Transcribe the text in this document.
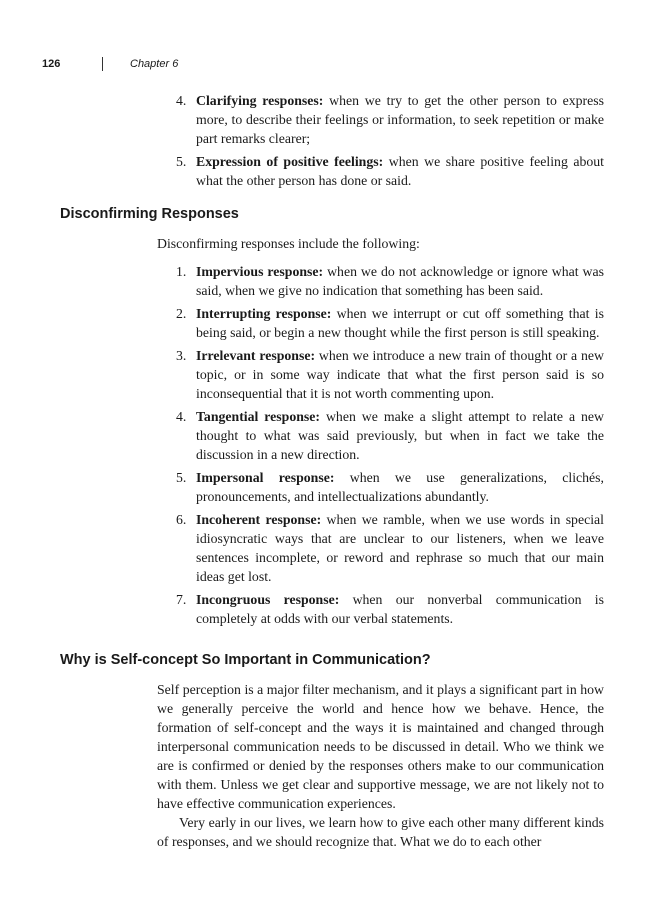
126	Chapter 6
4. Clarifying responses: when we try to get the other person to express more, to describe their feelings or information, to seek repetition or make part remarks clearer;
5. Expression of positive feelings: when we share positive feeling about what the other person has done or said.
Disconfirming Responses

Disconfirming responses include the following:

1. Impervious response: when we do not acknowledge or ignore what was said, when we give no indication that something has been said.
2. Interrupting response: when we interrupt or cut off something that is being said, or begin a new thought while the first person is still speaking.
3. Irrelevant response: when we introduce a new train of thought or a new topic, or in some way indicate that what the first person said is so inconsequential that it is not worth commenting upon.
4. Tangential response: when we make a slight attempt to relate a new thought to what was said previously, but when in fact we take the discussion in a new direction.
5. Impersonal response: when we use generalizations, clichés, pronouncements, and intellectualizations abundantly.
6. Incoherent response: when we ramble, when we use words in special idiosyncratic ways that are unclear to our listeners, when we leave sentences incomplete, or reword and rephrase so much that our main ideas get lost.
7. Incongruous response: when our nonverbal communication is completely at odds with our verbal statements.
Why is Self-concept So Important in Communication?

Self perception is a major filter mechanism, and it plays a significant part in how we generally perceive the world and hence how we behave. Hence, the formation of self-concept and the ways it is maintained and changed through interpersonal communication needs to be discussed in detail. Who we think we are is confirmed or denied by the responses others make to our communication with them. Unless we get clear and supportive message, we are not likely not to have effective communication experiences.

Very early in our lives, we learn how to give each other many different kinds of responses, and we should recognize that. What we do to each other
